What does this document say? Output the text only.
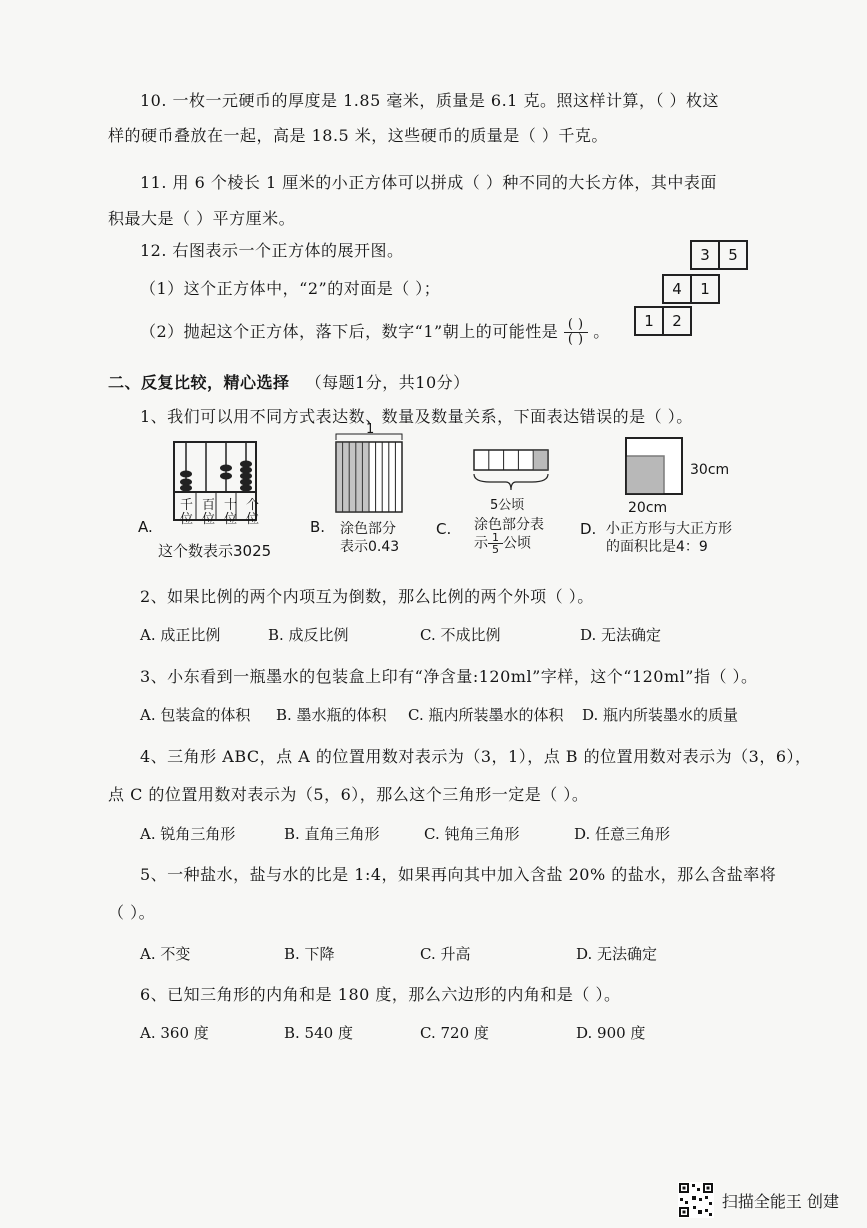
10. 一枚一元硬币的厚度是 1.85 毫米，质量是 6.1 克。照这样计算，（ ）枚这
样的硬币叠放在一起，高是 18.5 米，这些硬币的质量是（ ）千克。
11. 用 6 个棱长 1 厘米的小正方体可以拼成（ ）种不同的大长方体，其中表面
积最大是（ ）平方厘米。
12. 右图表示一个正方体的展开图。
（1）这个正方体中，“2”的对面是（ ）；
（2）抛起这个正方体，落下后，数字“1”朝上的可能性是 $\frac{( )}{( )}$ 。
3	5
4	1
1	2
二、反复比较，精心选择 （每题1分，共10分）
1、我们可以用不同方式表达数、数量及数量关系，下面表达错误的是（ ）。
A.
千百十个
位位位位
这个数表示3025
B.
1
涂色部分
表示0.43
C.
5公顷
涂色部分表
示 $\frac{1}{5}$ 公顷
D.
30cm
20cm
小正方形与大正方形
的面积比是4：9
2、如果比例的两个内项互为倒数，那么比例的两个外项（ ）。
A. 成正比例	B. 成反比例	C. 不成比例	D. 无法确定
3、小东看到一瓶墨水的包装盒上印有“净含量:120ml”字样，这个“120ml”指（ ）。
A. 包装盒的体积 B. 墨水瓶的体积 C. 瓶内所装墨水的体积 D. 瓶内所装墨水的质量
4、三角形 ABC，点 A 的位置用数对表示为（3，1），点 B 的位置用数对表示为（3，6），
点 C 的位置用数对表示为（5，6），那么这个三角形一定是（ ）。
A. 锐角三角形	B. 直角三角形	C. 钝角三角形	D. 任意三角形
5、一种盐水，盐与水的比是 1:4，如果再向其中加入含盐 20% 的盐水，那么含盐率将
（ ）。
A. 不变	B. 下降	C. 升高	D. 无法确定
6、已知三角形的内角和是 180 度，那么六边形的内角和是（ ）。
A. 360 度	B. 540 度	C. 720 度	D. 900 度
扫描全能王 创建
